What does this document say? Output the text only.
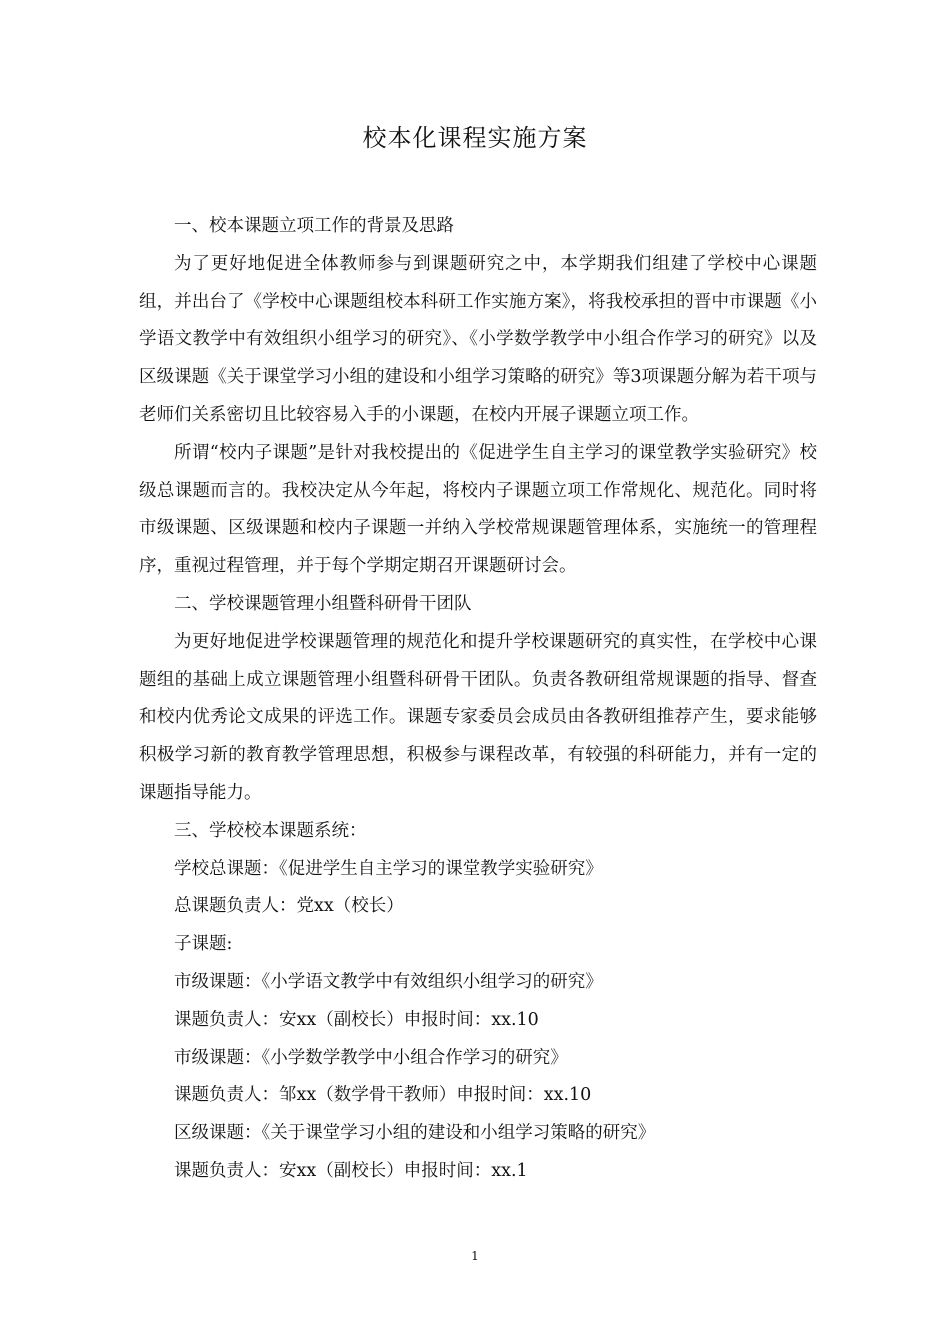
校本化课程实施方案

一、校本课题立项工作的背景及思路

为了更好地促进全体教师参与到课题研究之中，本学期我们组建了学校中心课题组，并出台了《学校中心课题组校本科研工作实施方案》，将我校承担的晋中市课题《小学语文教学中有效组织小组学习的研究》、《小学数学教学中小组合作学习的研究》以及区级课题《关于课堂学习小组的建设和小组学习策略的研究》等3项课题分解为若干项与老师们关系密切且比较容易入手的小课题，在校内开展子课题立项工作。

所谓“校内子课题”是针对我校提出的《促进学生自主学习的课堂教学实验研究》校级总课题而言的。我校决定从今年起，将校内子课题立项工作常规化、规范化。同时将市级课题、区级课题和校内子课题一并纳入学校常规课题管理体系，实施统一的管理程序，重视过程管理，并于每个学期定期召开课题研讨会。

二、学校课题管理小组暨科研骨干团队

为更好地促进学校课题管理的规范化和提升学校课题研究的真实性，在学校中心课题组的基础上成立课题管理小组暨科研骨干团队。负责各教研组常规课题的指导、督查和校内优秀论文成果的评选工作。课题专家委员会成员由各教研组推荐产生，要求能够积极学习新的教育教学管理思想，积极参与课程改革，有较强的科研能力，并有一定的课题指导能力。

三、学校校本课题系统：

学校总课题：《促进学生自主学习的课堂教学实验研究》

总课题负责人：党xx（校长）

子课题:

市级课题：《小学语文教学中有效组织小组学习的研究》

课题负责人：安xx（副校长）申报时间：xx.10

市级课题：《小学数学教学中小组合作学习的研究》

课题负责人：邹xx（数学骨干教师）申报时间：xx.10

区级课题：《关于课堂学习小组的建设和小组学习策略的研究》

课题负责人：安xx（副校长）申报时间：xx.1

1
